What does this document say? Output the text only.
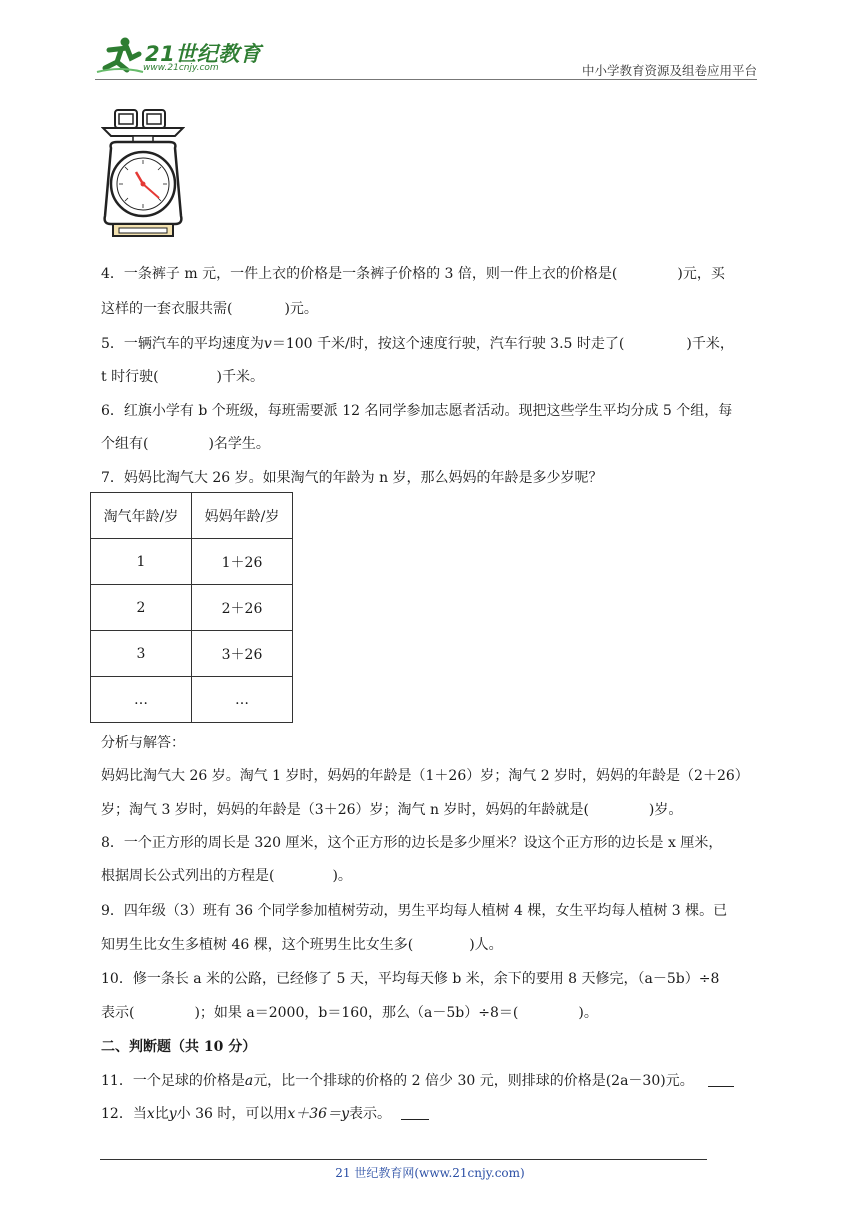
21世纪教育
www.21cnjy.com	中小学教育资源及组卷应用平台
4．一条裤子 m 元，一件上衣的价格是一条裤子价格的 3 倍，则一件上衣的价格是(	)元，买
这样的一套衣服共需(	)元。
5．一辆汽车的平均速度为v＝100 千米/时，按这个速度行驶，汽车行驶 3.5 时走了(	)千米，
t 时行驶(	)千米。
6．红旗小学有 b 个班级，每班需要派 12 名同学参加志愿者活动。现把这些学生平均分成 5 个组，每
个组有(	)名学生。
7．妈妈比淘气大 26 岁。如果淘气的年龄为 n 岁，那么妈妈的年龄是多少岁呢？
淘气年龄/岁	妈妈年龄/岁
1	1＋26
2	2＋26
3	3＋26
…	…
分析与解答：
妈妈比淘气大 26 岁。淘气 1 岁时，妈妈的年龄是（1＋26）岁；淘气 2 岁时，妈妈的年龄是（2＋26）
岁；淘气 3 岁时，妈妈的年龄是（3＋26）岁；淘气 n 岁时，妈妈的年龄就是(	)岁。
8．一个正方形的周长是 320 厘米，这个正方形的边长是多少厘米？设这个正方形的边长是 x 厘米，
根据周长公式列出的方程是(	)。
9．四年级（3）班有 36 个同学参加植树劳动，男生平均每人植树 4 棵，女生平均每人植树 3 棵。已
知男生比女生多植树 46 棵，这个班男生比女生多(	)人。
10．修一条长 a 米的公路，已经修了 5 天，平均每天修 b 米，余下的要用 8 天修完，（a－5b）÷8
表示(	)；如果 a＝2000，b＝160，那么（a－5b）÷8＝(	)。
二、判断题（共 10 分）
11．一个足球的价格是a元，比一个排球的价格的 2 倍少 30 元，则排球的价格是(2a－30)元。
12．当x比y小 36 时，可以用x＋36＝y表示。
21 世纪教育网(www.21cnjy.com)
